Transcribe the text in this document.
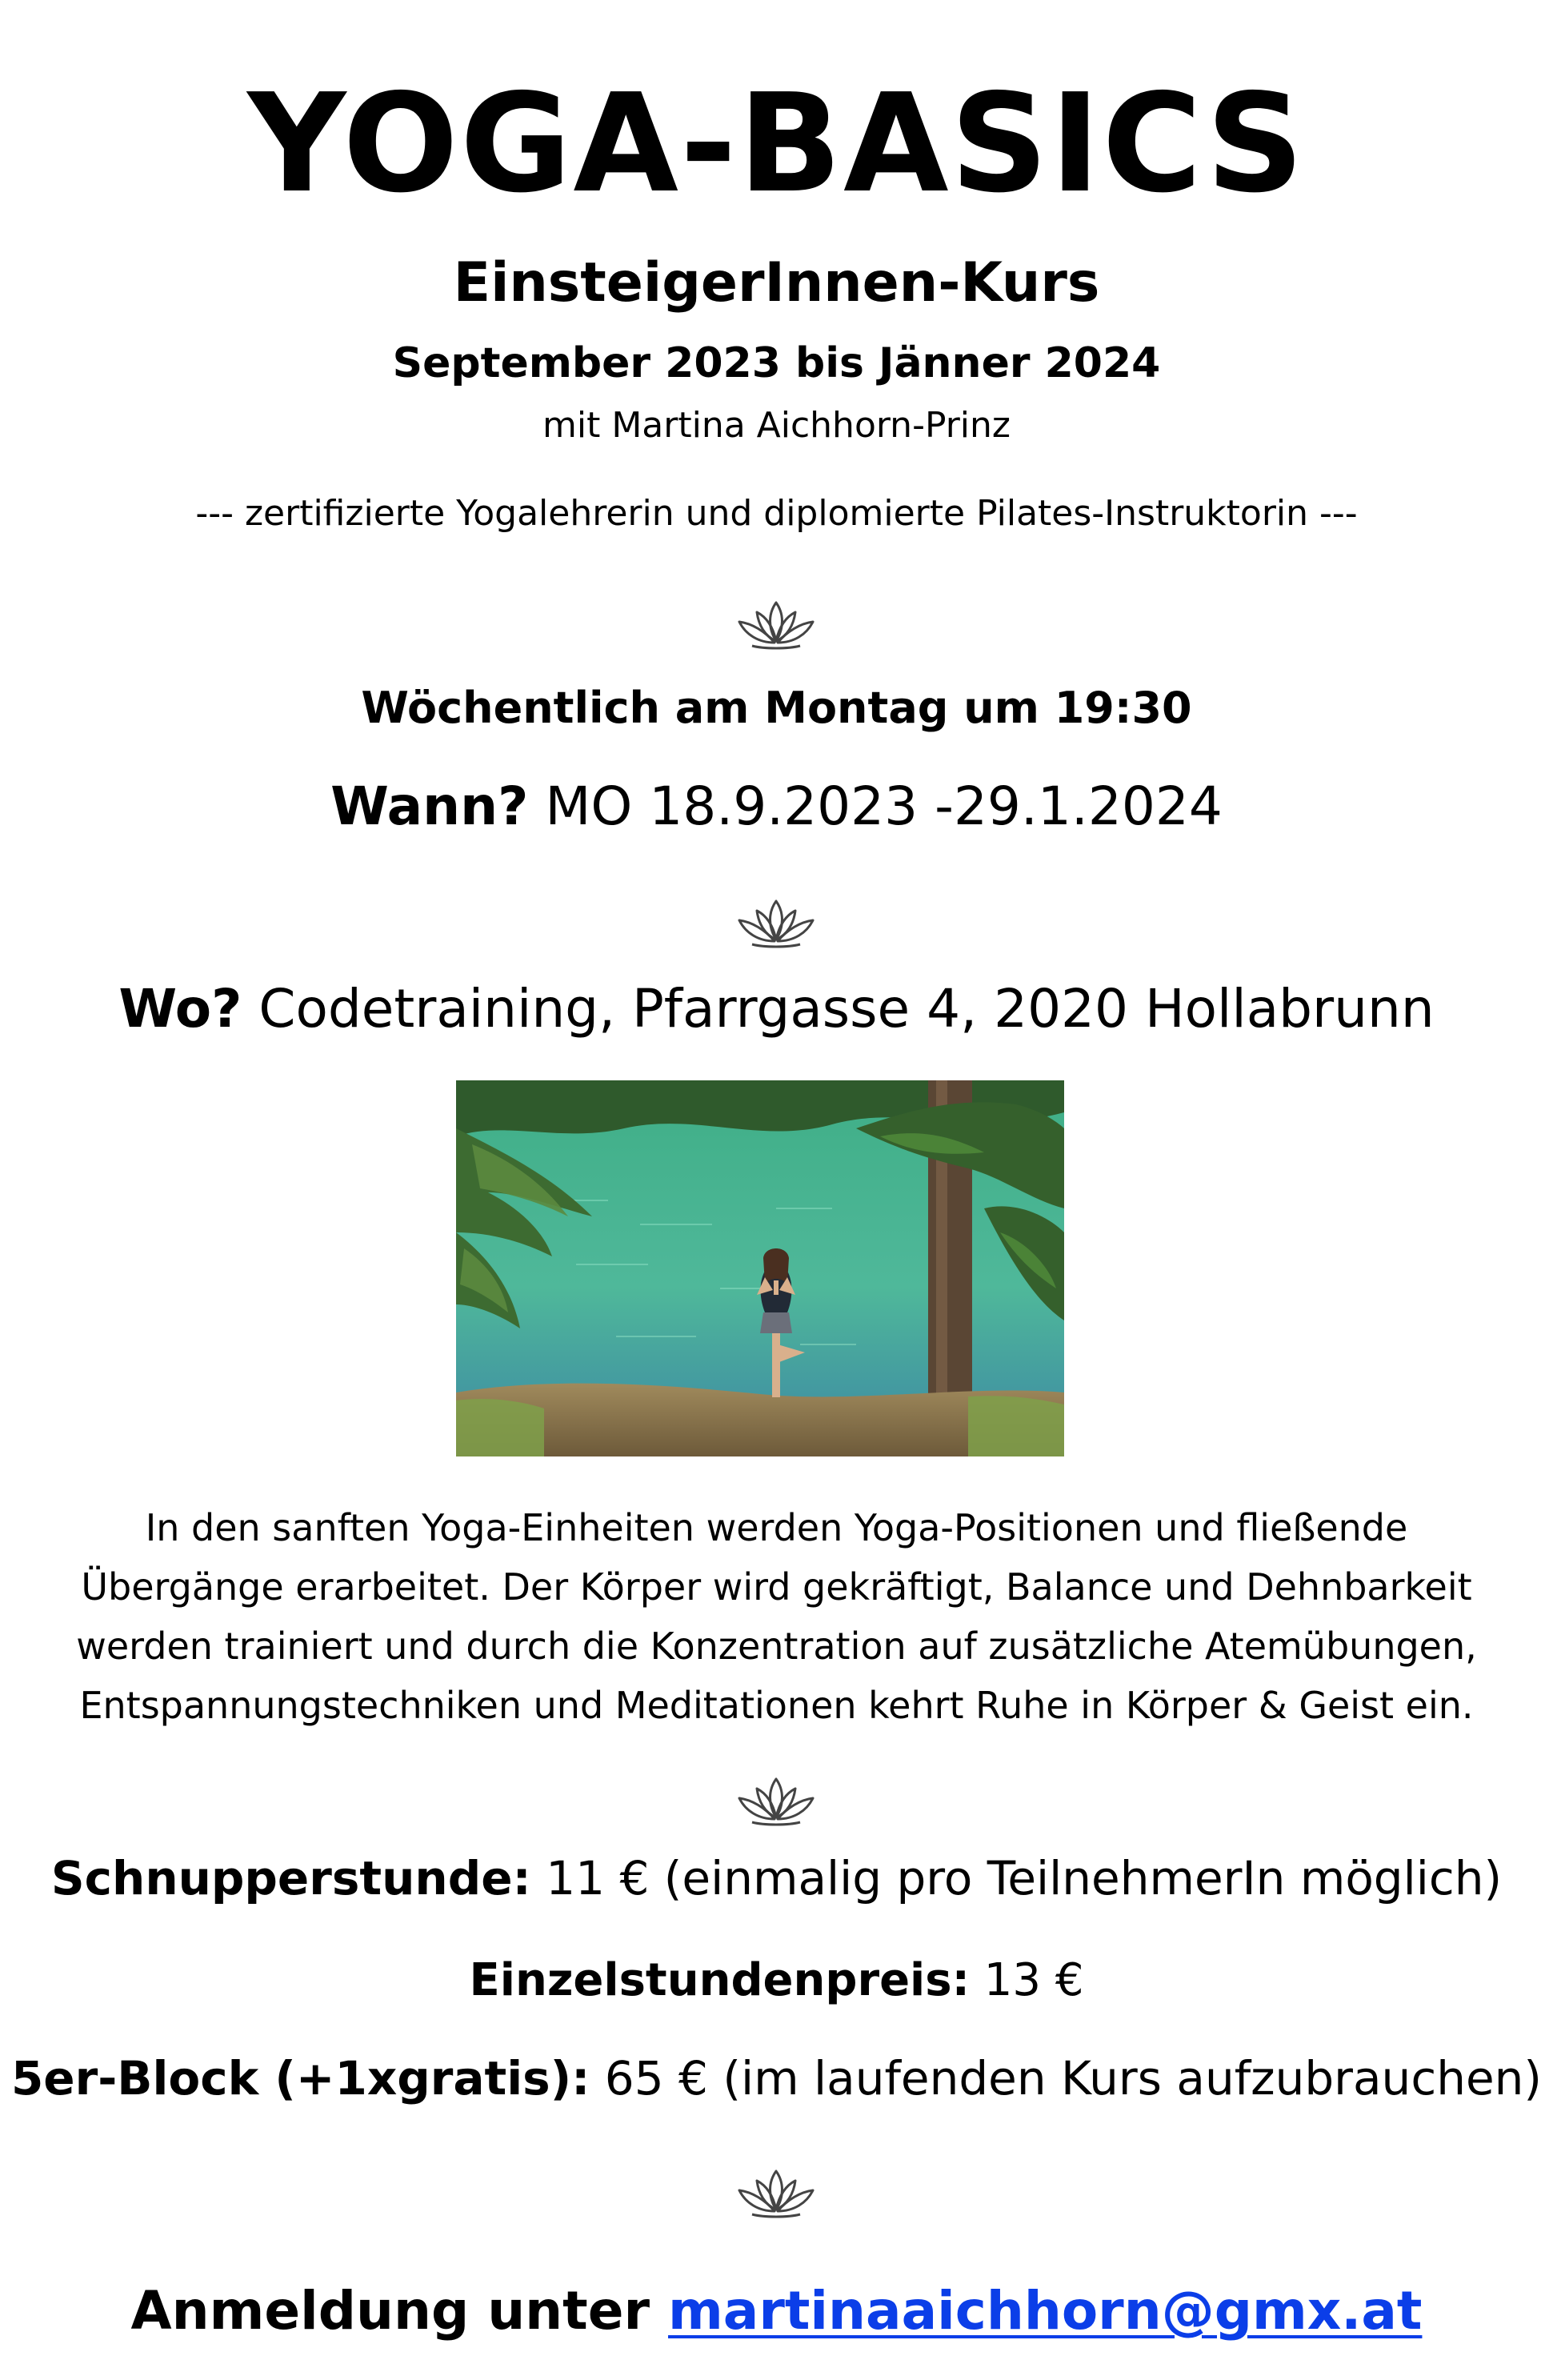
YOGA-BASICS
EinsteigerInnen-Kurs
September 2023 bis Jänner 2024
mit Martina Aichhorn-Prinz
--- zertifizierte Yogalehrerin und diplomierte Pilates-Instruktorin ---
Wöchentlich am Montag um 19:30
Wann? MO 18.9.2023 -29.1.2024
Wo? Codetraining, Pfarrgasse 4, 2020 Hollabrunn
In den sanften Yoga-Einheiten werden Yoga-Positionen und fließende
Übergänge erarbeitet. Der Körper wird gekräftigt, Balance und Dehnbarkeit
werden trainiert und durch die Konzentration auf zusätzliche Atemübungen,
Entspannungstechniken und Meditationen kehrt Ruhe in Körper & Geist ein.
Schnupperstunde: 11 € (einmalig pro TeilnehmerIn möglich)
Einzelstundenpreis: 13 €
5er-Block (+1xgratis): 65 € (im laufenden Kurs aufzubrauchen)
Anmeldung unter martinaaichhorn@gmx.at
